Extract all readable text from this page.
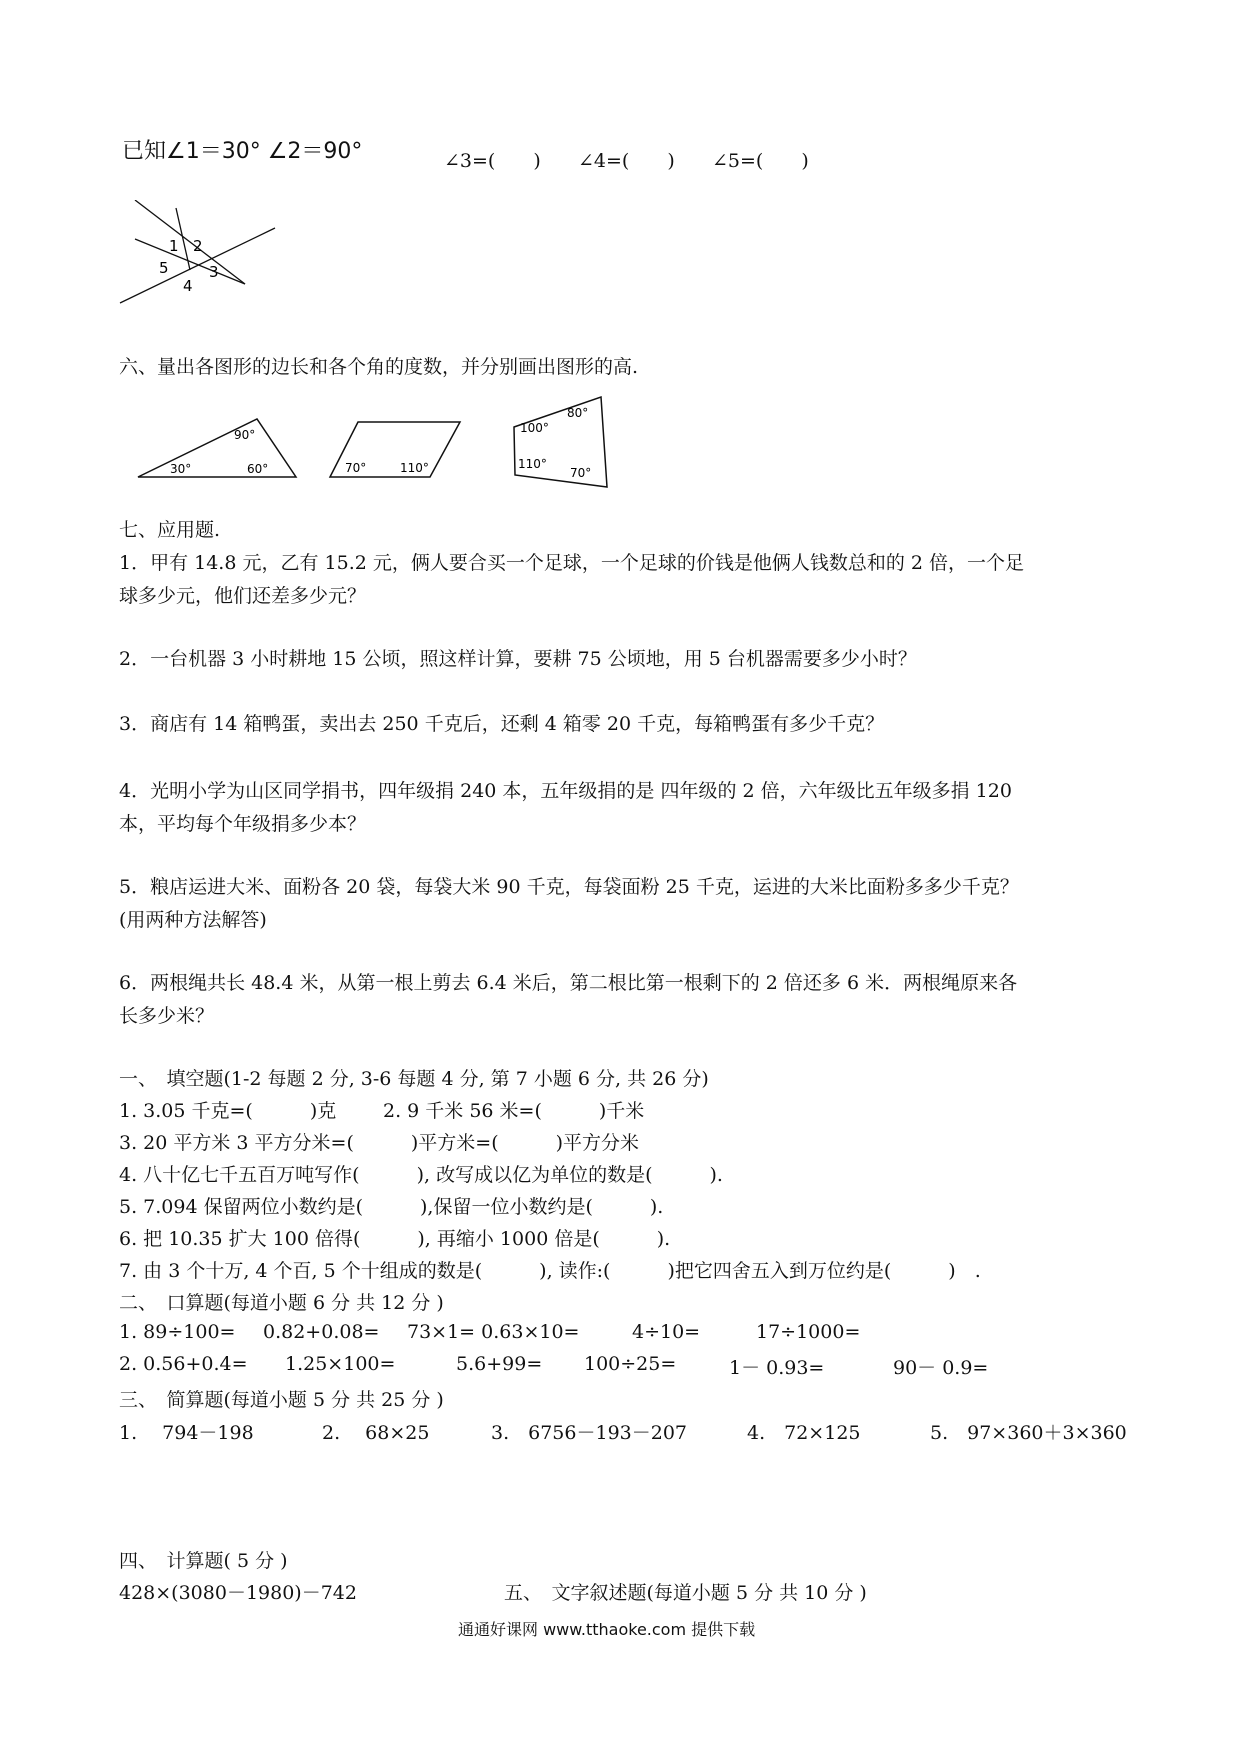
已知∠1＝30° ∠2＝90°	∠3=(　　) ∠4=(　　) ∠5=(　　)
1 2
3
4
5
六、量出各图形的边长和各个角的度数，并分别画出图形的高.
90°
30°	60°	70°	110°
100°
80°
110°
70°
七、应用题.
1．甲有 14.8 元，乙有 15.2 元，俩人要合买一个足球，一个足球的价钱是他俩人钱数总和的 2 倍，一个足
球多少元，他们还差多少元？
2．一台机器 3 小时耕地 15 公顷，照这样计算，要耕 75 公顷地，用 5 台机器需要多少小时？
3．商店有 14 箱鸭蛋，卖出去 250 千克后，还剩 4 箱零 20 千克，每箱鸭蛋有多少千克？
4．光明小学为山区同学捐书，四年级捐 240 本，五年级捐的是 四年级的 2 倍，六年级比五年级多捐 120
本，平均每个年级捐多少本？
5．粮店运进大米、面粉各 20 袋，每袋大米 90 千克，每袋面粉 25 千克，运进的大米比面粉多多少千克？
(用两种方法解答)
6．两根绳共长 48.4 米，从第一根上剪去 6.4 米后，第二根比第一根剩下的 2 倍还多 6 米．两根绳原来各
长多少米？
一、　填空题(1-2 每题 2 分, 3-6 每题 4 分, 第 7 小题 6 分, 共 26 分)
1. 3.05 千克=(　　　)克 2. 9 千米 56 米=(　　　)千米
3. 20 平方米 3 平方分米=(　　　)平方米=(　　　)平方分米
4. 八十亿七千五百万吨写作(　　　), 改写成以亿为单位的数是(　　　).
5. 7.094 保留两位小数约是(　　　),保留一位小数约是(　　　).
6. 把 10.35 扩大 100 倍得(　　　), 再缩小 1000 倍是(　　　).
7. 由 3 个十万, 4 个百, 5 个十组成的数是(　　　), 读作:(　　　)把它四舍五入到万位约是(　　　)　.
二、　口算题(每道小题 6 分 共 12 分 )
1. 89÷100= 0.82+0.08= 73×1= 0.63×10=	4÷10=	17÷1000=
2. 0.56+0.4= 1.25×100=	5.6+99= 100÷25=	1－ 0.93=	90－ 0.9=
三、　简算题(每道小题 5 分 共 25 分 )
1.　 794－198	2.　 68×25	3.　6756－193－207	4.　72×125	5.　97×360＋3×360
四、　计算题( 5 分 )
428×(3080－1980)－742	五、　文字叙述题(每道小题 5 分 共 10 分 )
通通好课网 www.tthaoke.com 提供下载
